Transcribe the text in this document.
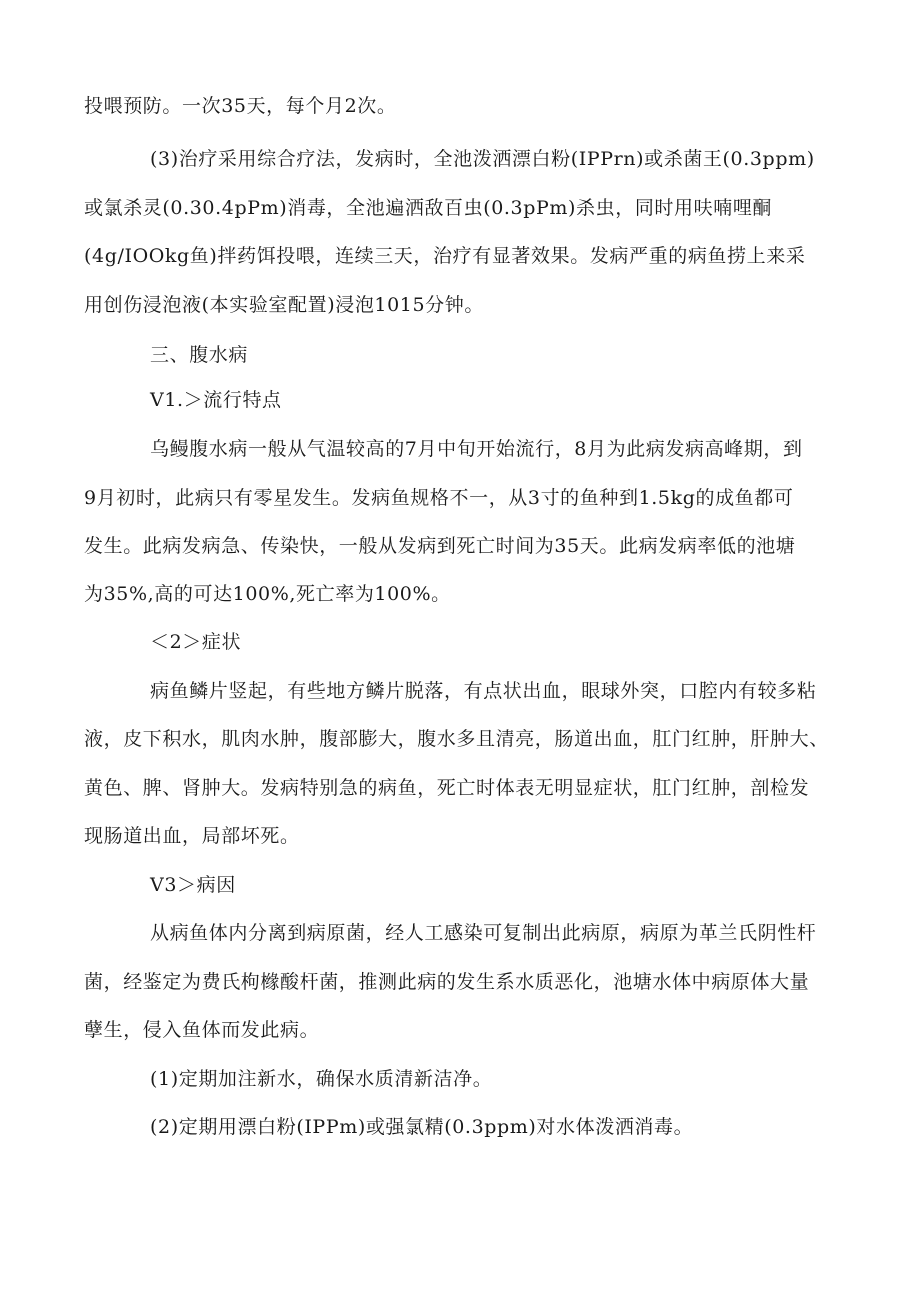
投喂预防。一次35天，每个月2次。
(3)治疗采用综合疗法，发病时，全池泼洒漂白粉(IPPrn)或杀菌王(0.3ppm)
或氯杀灵(0.30.4pPm)消毒，全池遍洒敌百虫(0.3pPm)杀虫，同时用呋喃哩酮
(4g/IOOkg鱼)拌药饵投喂，连续三天，治疗有显著效果。发病严重的病鱼捞上来采
用创伤浸泡液(本实验室配置)浸泡1015分钟。
三、腹水病
V1.＞流行特点
乌鳗腹水病一般从气温较高的7月中旬开始流行，8月为此病发病高峰期，到
9月初时，此病只有零星发生。发病鱼规格不一，从3寸的鱼种到1.5kg的成鱼都可
发生。此病发病急、传染快，一般从发病到死亡时间为35天。此病发病率低的池塘
为35%,高的可达100%,死亡率为100%。
＜2＞症状
病鱼鳞片竖起，有些地方鳞片脱落，有点状出血，眼球外突，口腔内有较多粘
液，皮下积水，肌肉水肿，腹部膨大，腹水多且清亮，肠道出血，肛门红肿，肝肿大、
黄色、脾、肾肿大。发病特别急的病鱼，死亡时体表无明显症状，肛门红肿，剖检发
现肠道出血，局部坏死。
V3＞病因
从病鱼体内分离到病原菌，经人工感染可复制出此病原，病原为革兰氏阴性杆
菌，经鉴定为费氏枸橼酸杆菌，推测此病的发生系水质恶化，池塘水体中病原体大量
孽生，侵入鱼体而发此病。
(1)定期加注新水，确保水质清新洁净。
(2)定期用漂白粉(IPPm)或强氯精(0.3ppm)对水体泼洒消毒。
